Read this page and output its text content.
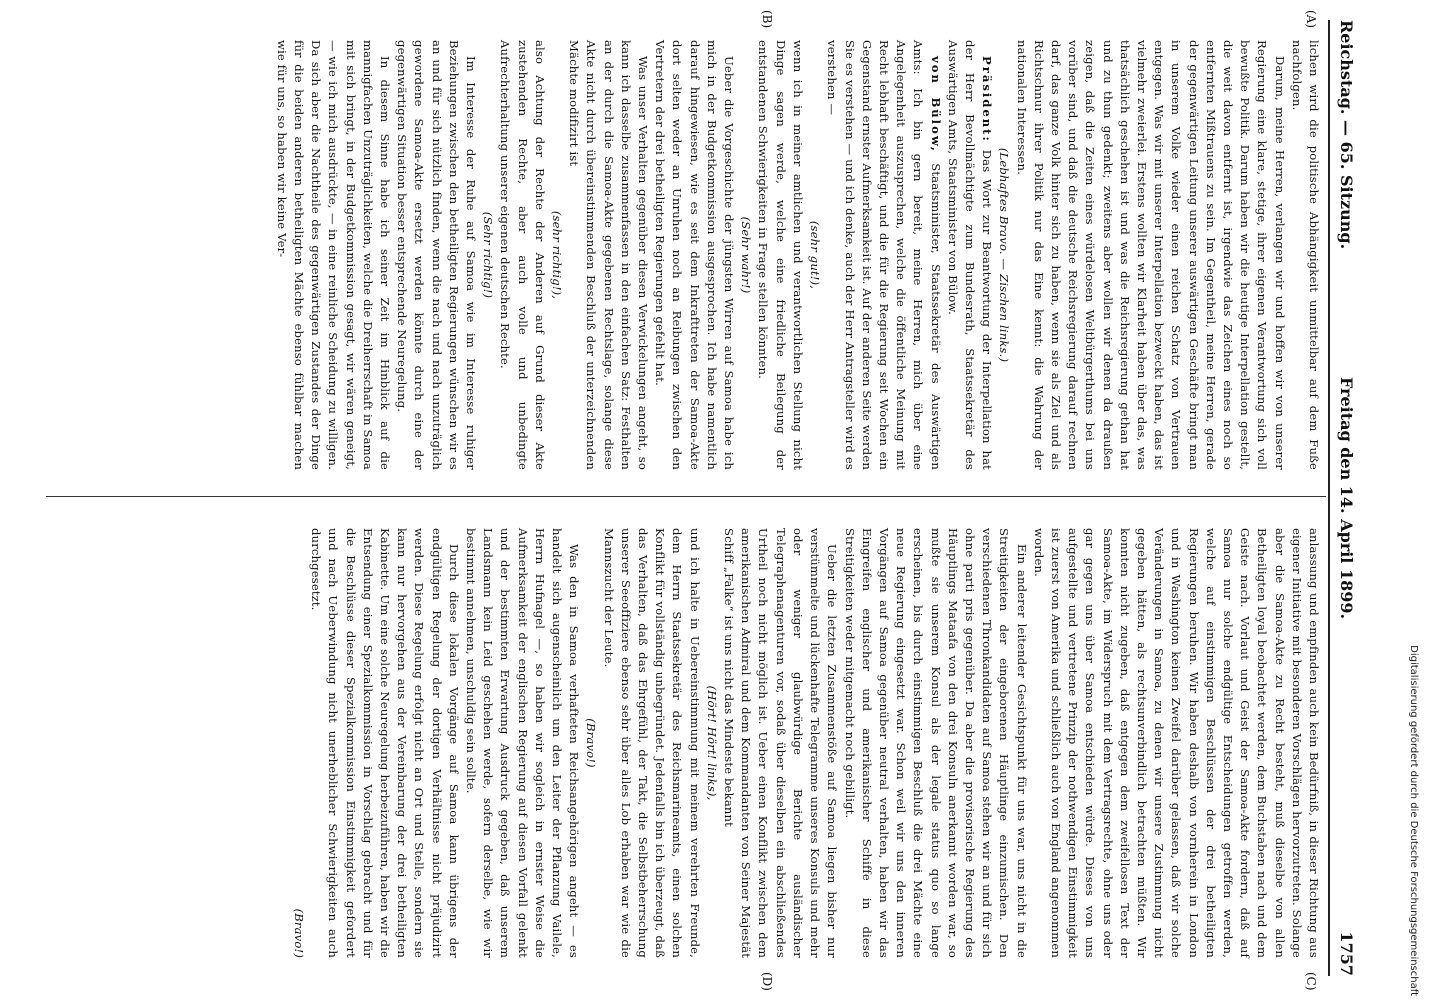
Reichstag. — 65. Sitzung.
Freitag den 14. April 1899.
1757
(A)
(B)
(C)
(D)

lichen wird die politische Abhängigkeit unmittelbar auf dem Fuße nachfolgen.

Darum, meine Herren, verlangen wir und hoffen wir von unserer Regierung eine klare, stetige, ihrer eigenen Verantwortung sich voll bewußte Politik. Darum haben wir die heutige Interpellation gestellt, die weit davon entfernt ist, irgendwie das Zeichen eines noch so entfernten Mißtrauens zu sein. Im Gegentheil, meine Herren, gerade der gegenwärtigen Leitung unserer auswärtigen Geschäfte bringt man in unserem Volke wieder einen reichen Schatz von Vertrauen entgegen. Was wir mit unserer Interpellation bezweckt haben, das ist vielmehr zweierlei. Erstens wollten wir Klarheit haben über das, was thatsächlich geschehen ist und was die Reichsregierung gethan hat und zu thun gedenkt; zweitens aber wollen wir denen da draußen zeigen, daß die Zeiten eines würdelosen Weltbürgerthums bei uns vorüber sind, und daß die deutsche Reichsregierung darauf rechnen darf, das ganze Volk hinter sich zu haben, wenn sie als Ziel und als Richtschnur ihrer Politik nur das Eine kennt: die Wahrung der nationalen Interessen.

(Lebhaftes Bravo. — Zischen links.)

Präsident: Das Wort zur Beantwortung der Interpellation hat der Herr Bevollmächtigte zum Bundesrath, Staatssekretär des Auswärtigen Amts, Staatsminister von Bülow.

von Bülow, Staatsminister, Staatssekretär des Auswärtigen Amts: Ich bin gern bereit, meine Herren, mich über eine Angelegenheit auszusprechen, welche die öffentliche Meinung mit Recht lebhaft beschäftigt, und die für die Regierung seit Wochen ein Gegenstand ernster Aufmerksamkeit ist. Auf der anderen Seite werden Sie es verstehen — und ich denke, auch der Herr Antragsteller wird es verstehen —

(sehr gut!),

wenn ich in meiner amtlichen und verantwortlichen Stellung nicht Dinge sagen werde, welche eine friedliche Beilegung der entstandenen Schwierigkeiten in Frage stellen könnten.

(Sehr wahr!)

Ueber die Vorgeschichte der jüngsten Wirren auf Samoa habe ich mich in der Budgetkommission ausgesprochen. Ich habe namentlich darauf hingewiesen, wie es seit dem Inkrafttreten der Samoa-Akte dort selten weder an Unruhen noch an Reibungen zwischen den Vertretern der drei betheiligten Regierungen gefehlt hat.

Was unser Verhalten gegenüber diesen Verwickelungen angeht, so kann ich dasselbe zusammenfassen in den einfachen Satz: Festhalten an der durch die Samoa-Akte gegebenen Rechtslage, solange diese Akte nicht durch übereinstimmenden Beschluß der unterzeichnenden Mächte modifizirt ist

(sehr richtig!),

also Achtung der Rechte der Anderen auf Grund dieser Akte zustehenden Rechte, aber auch volle und unbedingte Aufrechterhaltung unserer eigenen deutschen Rechte.

(Sehr richtig!)

Im Interesse der Ruhe auf Samoa wie im Interesse ruhiger Beziehungen zwischen den betheiligten Regierungen wünschen wir es an und für sich nützlich finden, wenn die nach und nach unzuträglich gewordene Samoa-Akte ersetzt werden könnte durch eine der gegenwärtigen Situation besser entsprechende Neuregelung.

In diesem Sinne habe ich seiner Zeit im Hinblick auf die mannigfachen Unzuträglichkeiten, welche die Dreiherrschaft in Samoa mit sich bringt, in der Budgetkommission gesagt, wir wären geneigt, — wie ich mich ausdrückte, — in eine reinliche Scheidung zu willigen. Da sich aber die Nachtheile des gegenwärtigen Zustandes der Dinge für die beiden anderen betheiligten Mächte ebenso fühlbar machen wie für uns, so haben wir keine Ver-

anlassung und empfinden auch kein Bedürfniß, in dieser Richtung aus eigener Initiative mit besonderen Vorschlägen hervorzutreten. Solange aber die Samoa-Akte zu Recht besteht, muß dieselbe von allen Betheiligten loyal beobachtet werden, dem Buchstaben nach und dem Geiste nach. Vorlaut und Geist der Samoa-Akte fordern, daß auf Samoa nur solche endgültige Entscheidungen getroffen werden, welche auf einstimmigen Beschlüssen der drei betheiligten Regierungen beruhen. Wir haben deshalb von vornherein in London und in Washington keinen Zweifel darüber gelassen, daß wir solche Veränderungen in Samoa, zu denen wir unsere Zustimmung nicht gegeben hätten, als rechtsunverbindlich betrachten müßten. Wir konnten nicht zugeben, daß entgegen dem zweifellosen Text der Samoa-Akte, im Widerspruch mit dem Vertragsrechte, ohne uns oder gar gegen uns über Samoa entschieden würde. Dieses von uns aufgestellte und vertretene Prinzip der nothwendigen Einstimmigkeit ist zuerst von Amerika und schließlich auch von England angenommen worden.

Ein anderer leitender Gesichtspunkt für uns war, uns nicht in die Streitigkeiten der eingeborenen Häuptlinge einzumischen. Den verschiedenen Thronkandidaten auf Samoa stehen wir an und für sich ohne parti pris gegenüber. Da aber die provisorische Regierung des Häuptlings Mataafa von den drei Konsuln anerkannt worden war, so mußte sie unserem Konsul als der legale status quo so lange erscheinen, bis durch einstimmigen Beschluß die drei Mächte eine neue Regierung eingesetzt war. Schon weil wir uns den inneren Vorgängen auf Samoa gegenüber neutral verhalten, haben wir das Eingreifen englischer und amerikanischer Schiffe in diese Streitigkeiten weder mitgemacht noch gebilligt.

Ueber die letzten Zusammenstöße auf Samoa liegen bisher nur verstümmelte und lückenhafte Telegramme unseres Konsuls und mehr oder weniger glaubwürdige Berichte ausländischer Telegraphenagenturen vor, sodaß über dieselben ein abschließendes Urtheil noch nicht möglich ist. Ueber einen Konflikt zwischen dem amerikanischen Admiral und dem Kommandanten von Seiner Majestät Schiff „Falke“ ist uns nicht das Mindeste bekannt

(Hört! Hört! links),

und ich halte in Uebereinstimmung mit meinem verehrten Freunde, dem Herrn Staatssekretär des Reichsmarineamts, einen solchen Konflikt für vollständig unbegründet. Jedenfalls bin ich überzeugt, daß das Verhalten, daß das Ehrgefühl, der Takt, die Selbstbeherrschung unserer Seeoffiziere ebenso sehr über alles Lob erhaben war wie die Mannszucht der Leute.

(Bravo!)

Was den in Samoa verhafteten Reichsangehörigen angeht — es handelt sich augenscheinlich um den Leiter der Pflanzung Vailele, Herrn Hufnagel —, so haben wir sogleich in ernster Weise die Aufmerksamkeit der englischen Regierung auf diesen Vorfall gelenkt und der bestimmten Erwartung Ausdruck gegeben, daß unserem Landsmann kein Leid geschehen werde, sofern derselbe, wie wir bestimmt annehmen, unschuldig sein sollte.

Durch diese lokalen Vorgänge auf Samoa kann übrigens der endgültigen Regelung der dortigen Verhältnisse nicht präjudizirt werden. Diese Regelung erfolgt nicht an Ort und Stelle, sondern sie kann nur hervorgehen aus der Vereinbarung der drei betheiligten Kabinette. Um eine solche Neuregelung herbeizuführen, haben wir die Entsendung einer Spezialkommission in Vorschlag gebracht und für die Beschlüsse dieser Spezialkommission Einstimmigkeit gefordert und nach Ueberwindung nicht unerheblicher Schwierigkeiten auch durchgesetzt.

(Bravo!)	Digitalisierung gefördert durch die Deutsche Forschungsgemeinschaft
